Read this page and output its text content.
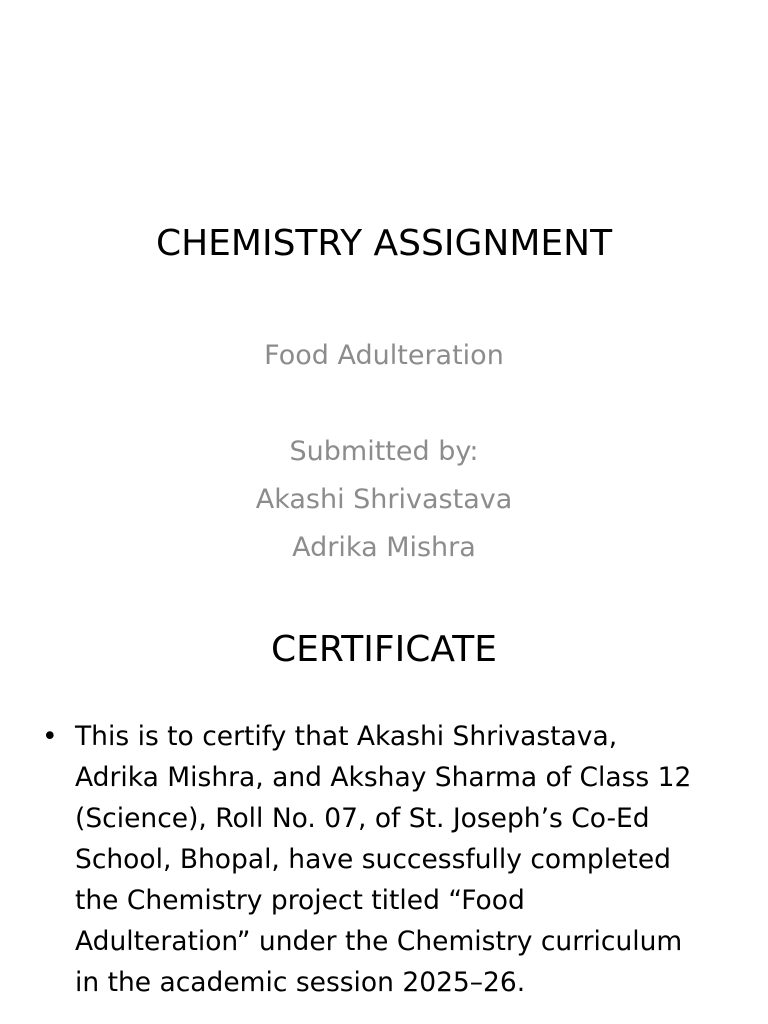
CHEMISTRY ASSIGNMENT
Food Adulteration
Submitted by:
Akashi Shrivastava
Adrika Mishra
CERTIFICATE
• This is to certify that Akashi Shrivastava,
Adrika Mishra, and Akshay Sharma of Class 12
(Science), Roll No. 07, of St. Joseph’s Co-Ed
School, Bhopal, have successfully completed
the Chemistry project titled “Food
Adulteration” under the Chemistry curriculum
in the academic session 2025–26.
